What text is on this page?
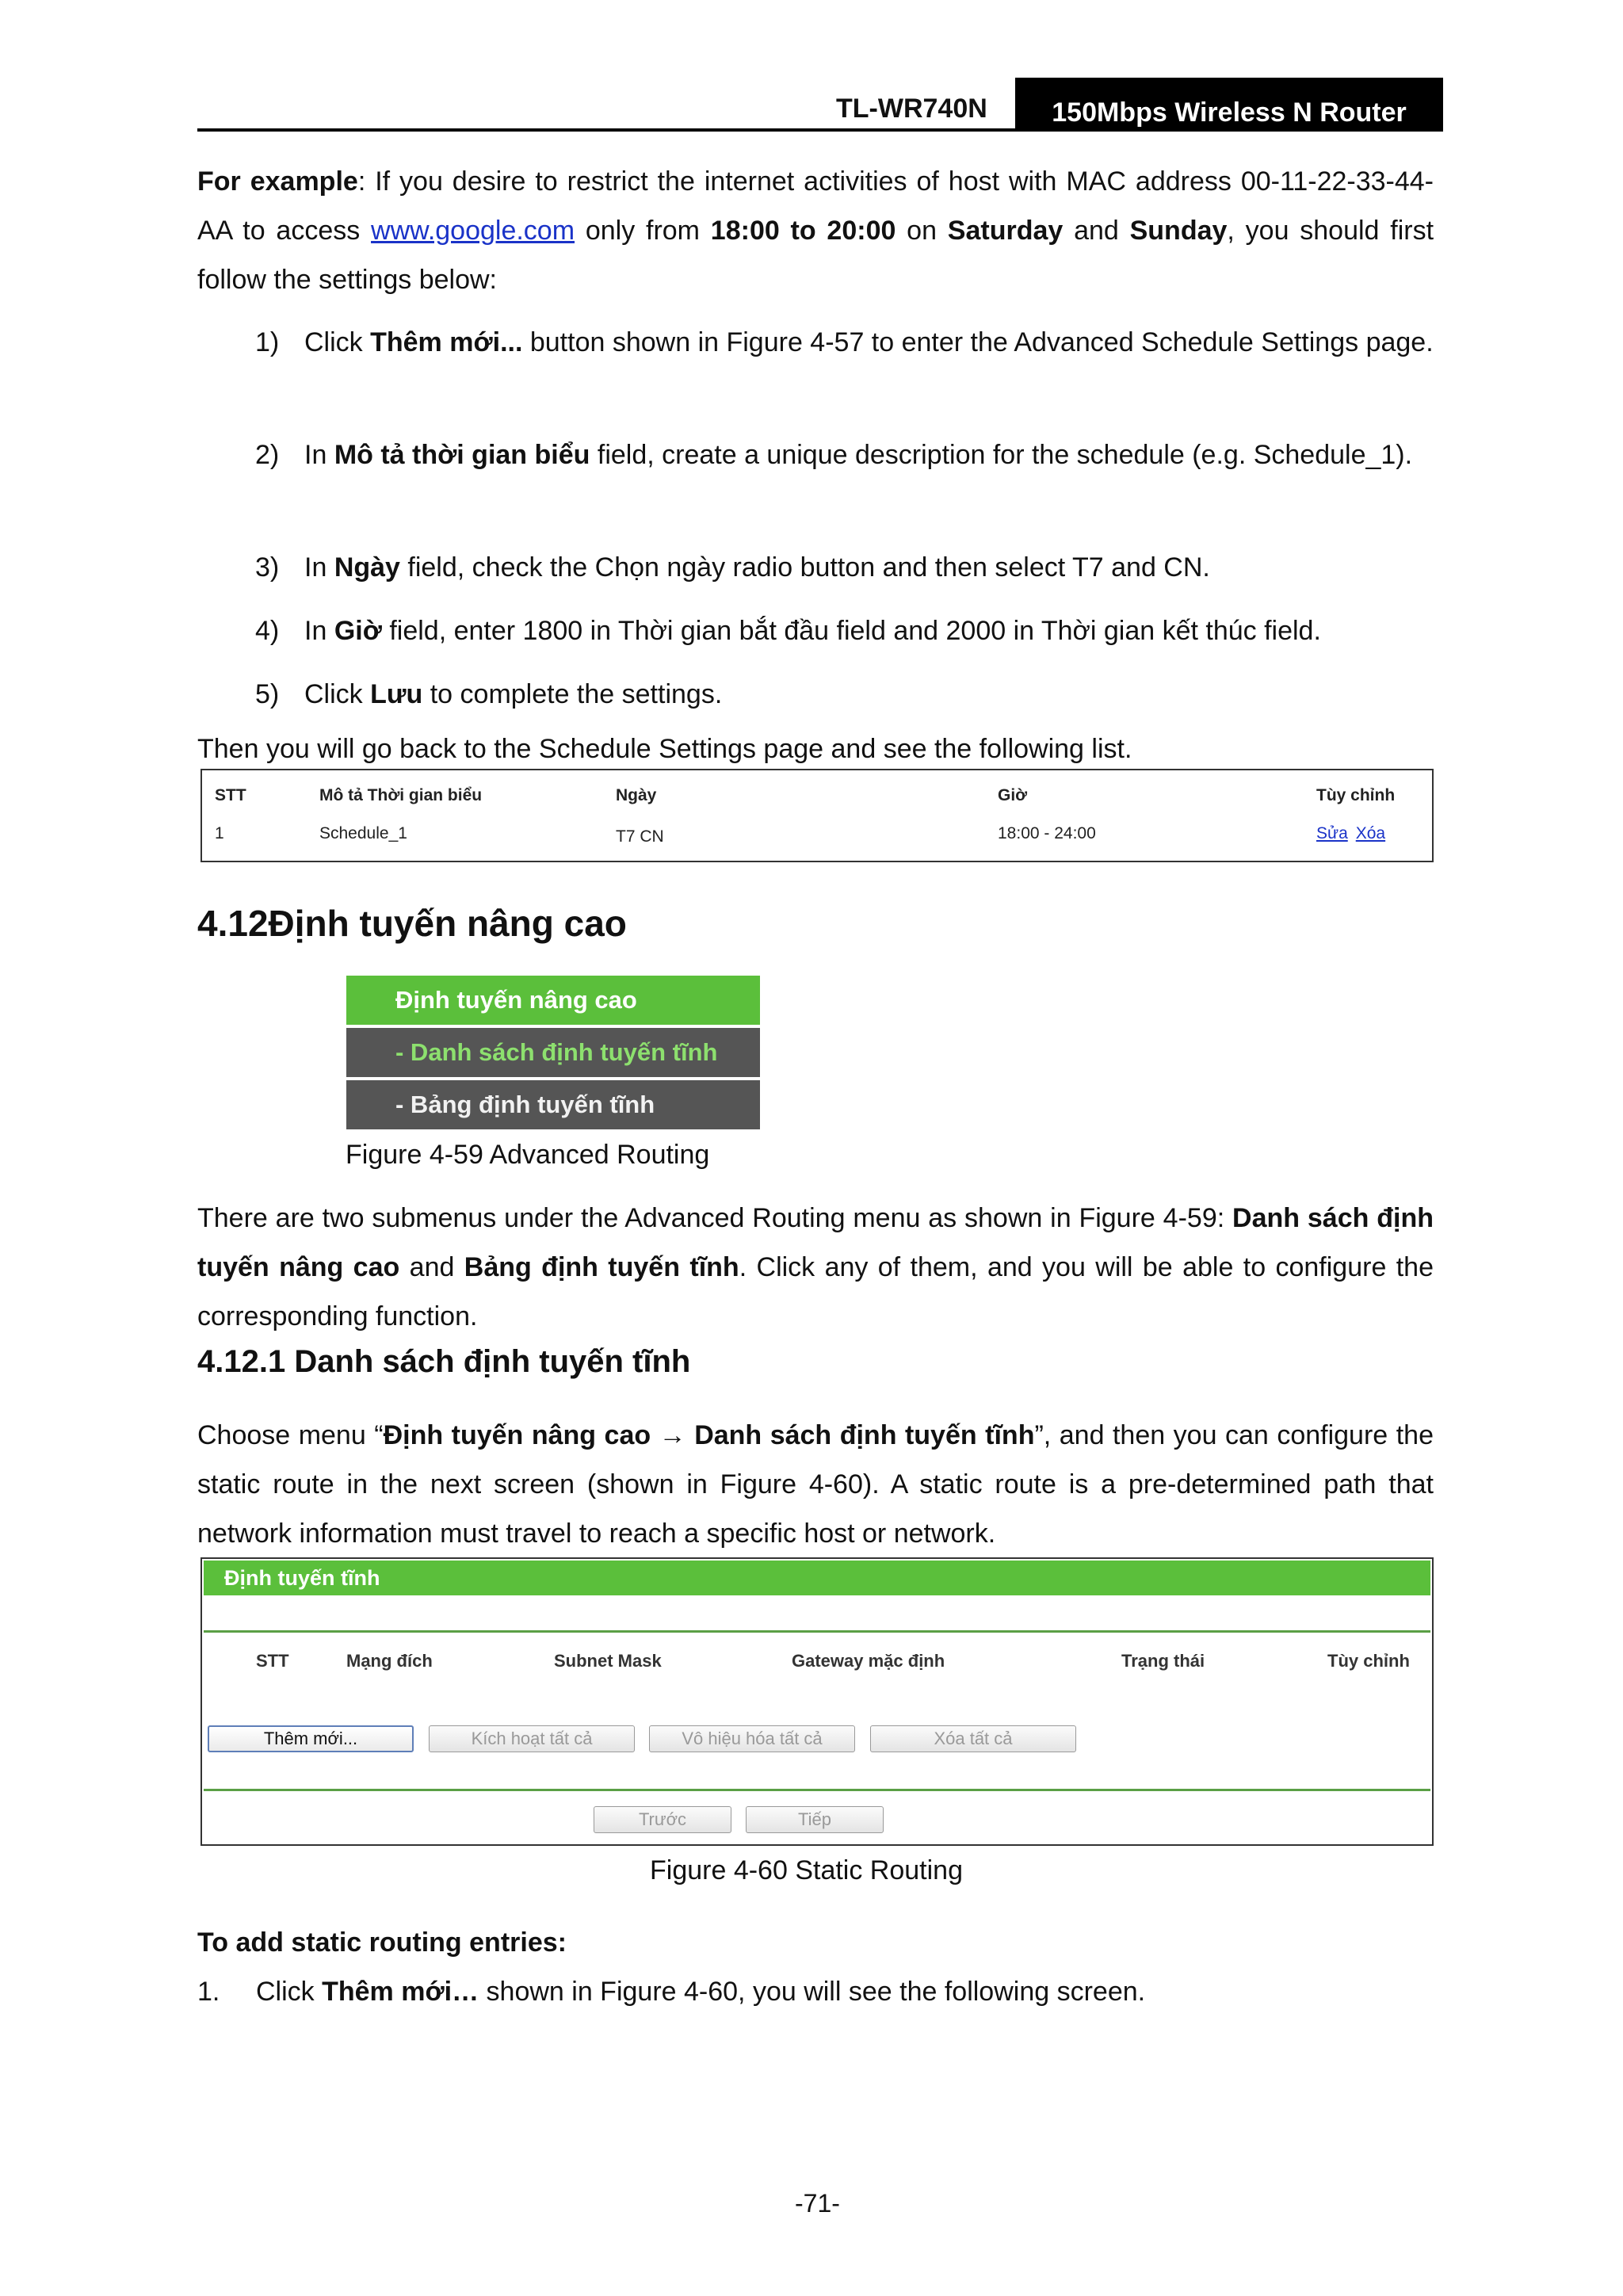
TL-WR740N 150Mbps Wireless N Router
For example: If you desire to restrict the internet activities of host with MAC address 00-11-22-33-44-AA to access www.google.com only from 18:00 to 20:00 on Saturday and Sunday, you should first follow the settings below:
1) Click Thêm mới... button shown in Figure 4-57 to enter the Advanced Schedule Settings page.
2) In Mô tả thời gian biểu field, create a unique description for the schedule (e.g. Schedule_1).
3) In Ngày field, check the Chọn ngày radio button and then select T7 and CN.
4) In Giờ field, enter 1800 in Thời gian bắt đầu field and 2000 in Thời gian kết thúc field.
5) Click Lưu to complete the settings.
Then you will go back to the Schedule Settings page and see the following list.
STT	Mô tả Thời gian biểu	Ngày	Giờ	Tùy chỉnh
1	Schedule_1	T7 CN	18:00 - 24:00	Sửa Xóa
4.12Định tuyến nâng cao
Định tuyến nâng cao
- Danh sách định tuyến tĩnh
- Bảng định tuyến tĩnh
Figure 4-59 Advanced Routing
There are two submenus under the Advanced Routing menu as shown in Figure 4-59: Danh sách định tuyến nâng cao and Bảng định tuyến tĩnh. Click any of them, and you will be able to configure the corresponding function.
4.12.1 Danh sách định tuyến tĩnh
Choose menu “Định tuyến nâng cao → Danh sách định tuyến tĩnh”, and then you can configure the static route in the next screen (shown in Figure 4-60). A static route is a pre-determined path that network information must travel to reach a specific host or network.
Định tuyến tĩnh
STT	Mạng đích	Subnet Mask	Gateway mặc định	Trạng thái	Tùy chỉnh
Thêm mới...	Kích hoạt tất cả	Vô hiệu hóa tất cả	Xóa tất cả
Trước	Tiếp
Figure 4-60 Static Routing
To add static routing entries:
1. Click Thêm mới… shown in Figure 4-60, you will see the following screen.
-71-
